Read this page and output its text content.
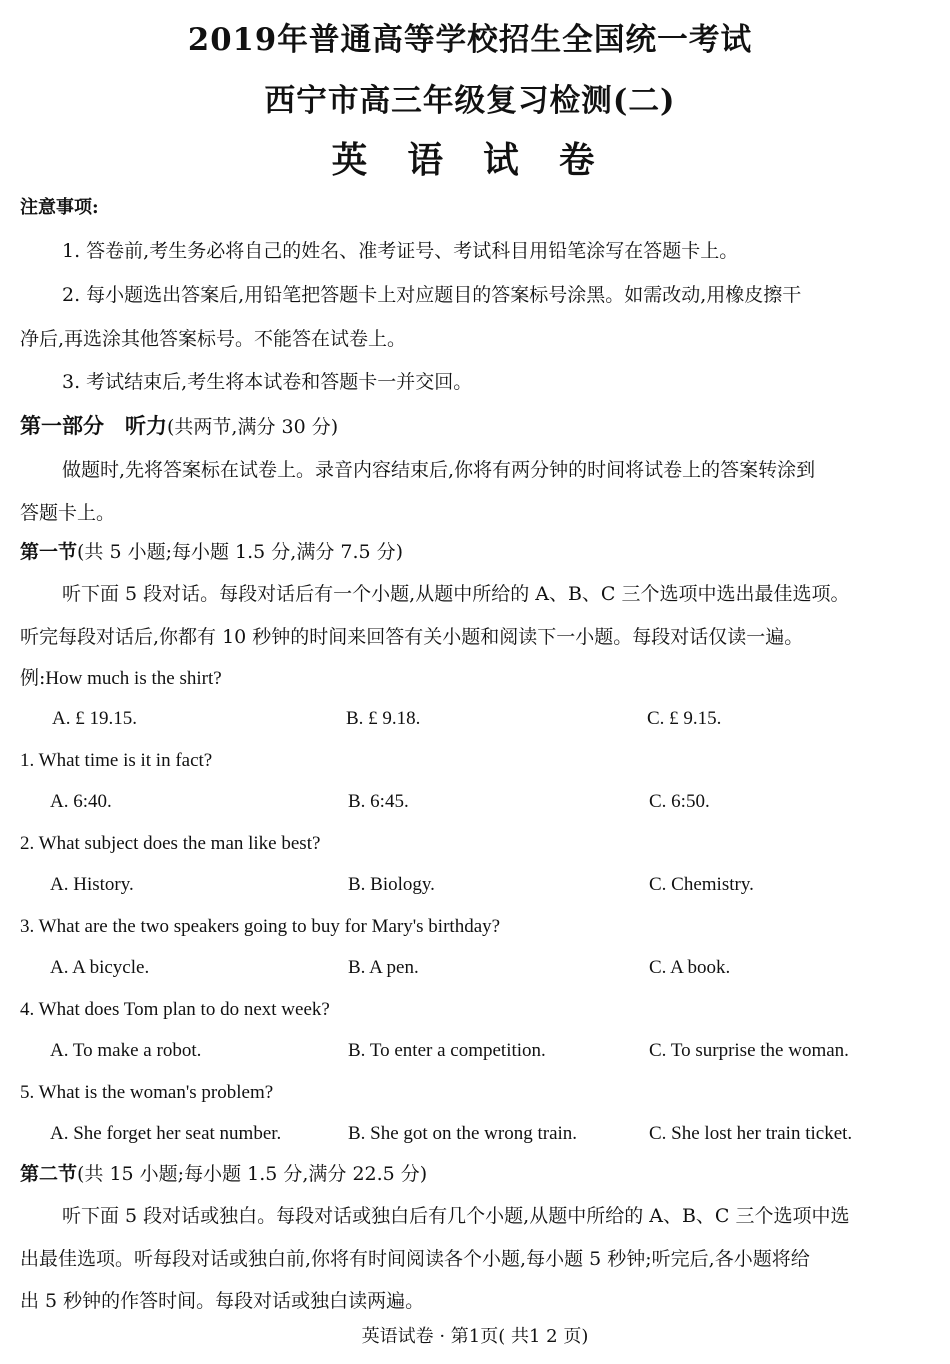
2019年普通高等学校招生全国统一考试
西宁市高三年级复习检测(二)
英 语 试 卷
注意事项:
1. 答卷前,考生务必将自己的姓名、准考证号、考试科目用铅笔涂写在答题卡上。
2. 每小题选出答案后,用铅笔把答题卡上对应题目的答案标号涂黑。如需改动,用橡皮擦干
净后,再选涂其他答案标号。不能答在试卷上。
3. 考试结束后,考生将本试卷和答题卡一并交回。
第一部分　听力(共两节,满分 30 分)
做题时,先将答案标在试卷上。录音内容结束后,你将有两分钟的时间将试卷上的答案转涂到
答题卡上。
第一节(共 5 小题;每小题 1.5 分,满分 7.5 分)
听下面 5 段对话。每段对话后有一个小题,从题中所给的 A、B、C 三个选项中选出最佳选项。
听完每段对话后,你都有 10 秒钟的时间来回答有关小题和阅读下一小题。每段对话仅读一遍。
例:How much is the shirt?
A. £ 19.15.	B. £ 9.18.	C. £ 9.15.
1. What time is it in fact?
A. 6:40.	B. 6:45.	C. 6:50.
2. What subject does the man like best?
A. History.	B. Biology.	C. Chemistry.
3. What are the two speakers going to buy for Mary's birthday?
A. A bicycle.	B. A pen.	C. A book.
4. What does Tom plan to do next week?
A. To make a robot.	B. To enter a competition.	C. To surprise the woman.
5. What is the woman's problem?
A. She forget her seat number.	B. She got on the wrong train.	C. She lost her train ticket.
第二节(共 15 小题;每小题 1.5 分,满分 22.5 分)
听下面 5 段对话或独白。每段对话或独白后有几个小题,从题中所给的 A、B、C 三个选项中选
出最佳选项。听每段对话或独白前,你将有时间阅读各个小题,每小题 5 秒钟;听完后,各小题将给
出 5 秒钟的作答时间。每段对话或独白读两遍。
英语试卷 · 第1页( 共1 2 页)
